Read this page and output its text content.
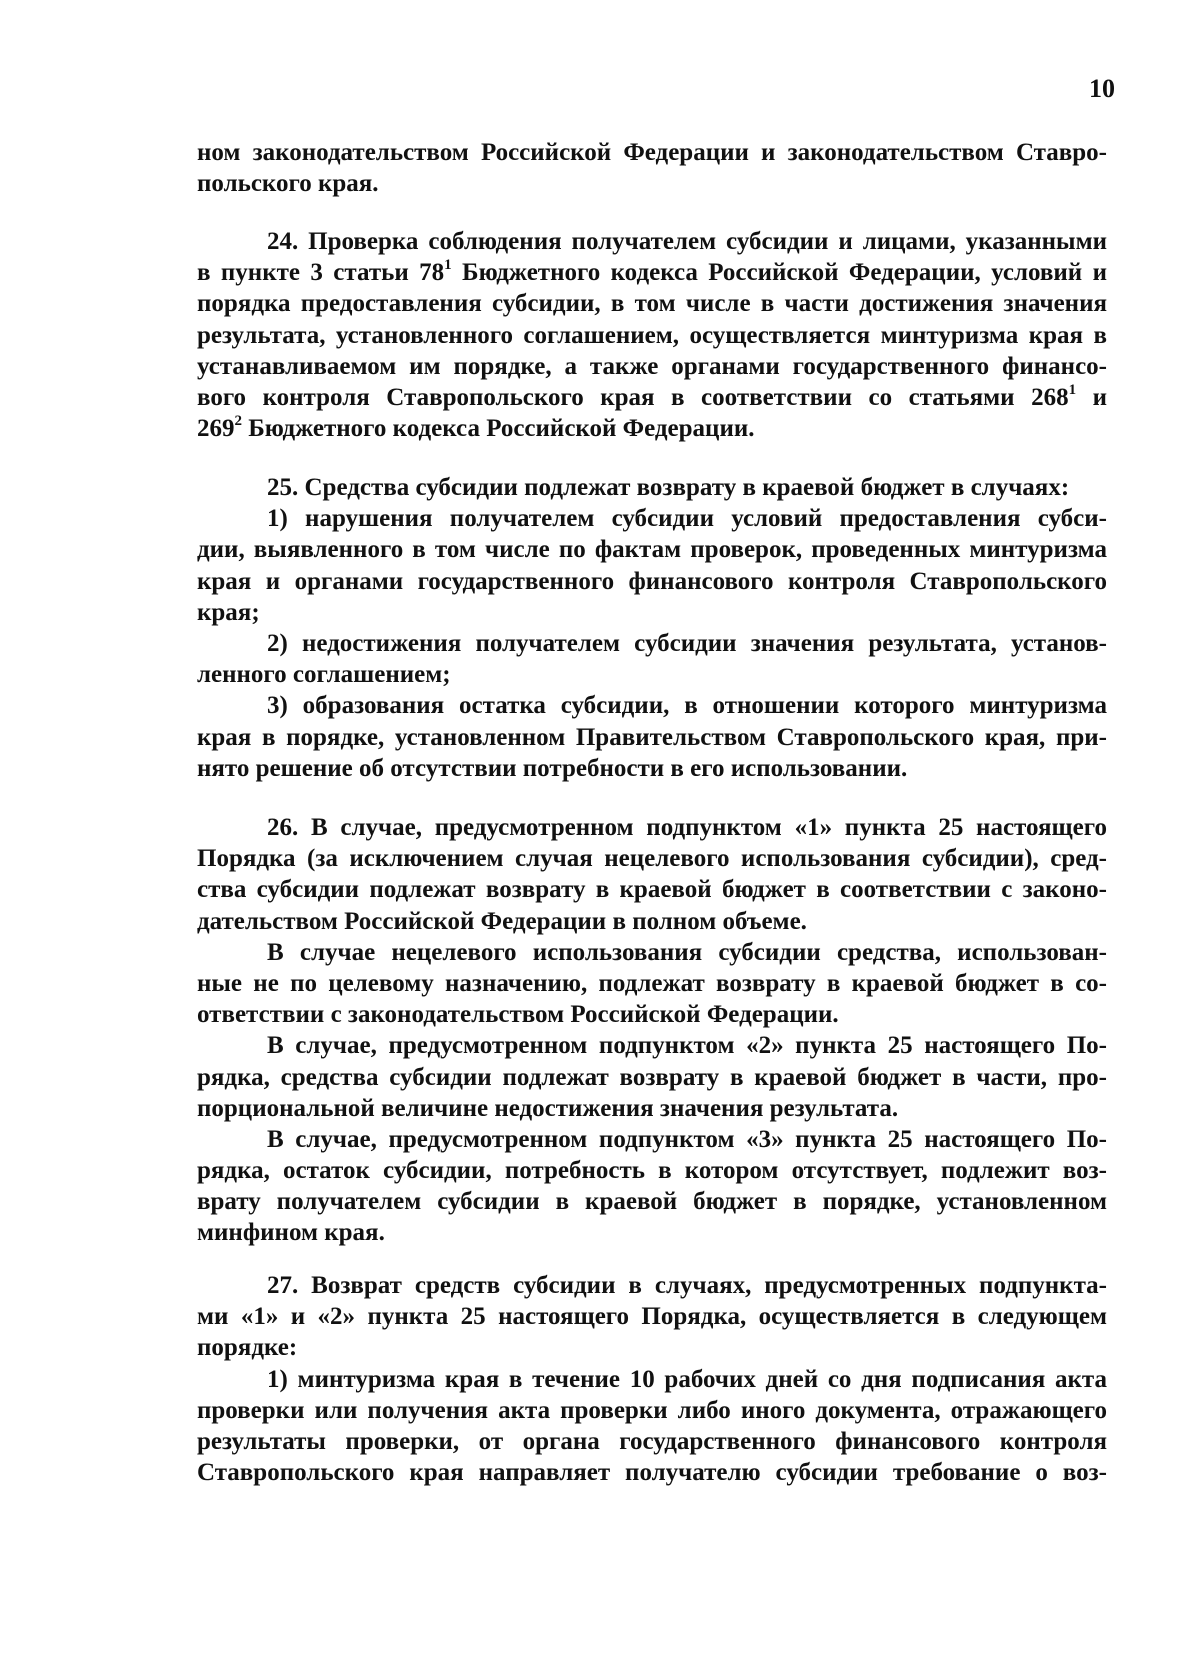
10
ном законодательством Российской Федерации и законодательством Ставро-
польского края.
24. Проверка соблюдения получателем субсидии и лицами, указанными
в пункте 3 статьи $78^1$ Бюджетного кодекса Российской Федерации, условий и
порядка предоставления субсидии, в том числе в части достижения значения
результата, установленного соглашением, осуществляется минтуризма края в
устанавливаемом им порядке, а также органами государственного финансо-
вого контроля Ставропольского края в соответствии со статьями $268^1$ и
$269^2$ Бюджетного кодекса Российской Федерации.
25. Средства субсидии подлежат возврату в краевой бюджет в случаях:
1) нарушения получателем субсидии условий предоставления субси-
дии, выявленного в том числе по фактам проверок, проведенных минтуризма
края и органами государственного финансового контроля Ставропольского
края;
2) недостижения получателем субсидии значения результата, установ-
ленного соглашением;
3) образования остатка субсидии, в отношении которого минтуризма
края в порядке, установленном Правительством Ставропольского края, при-
нято решение об отсутствии потребности в его использовании.
26. В случае, предусмотренном подпунктом «1» пункта 25 настоящего
Порядка (за исключением случая нецелевого использования субсидии), сред-
ства субсидии подлежат возврату в краевой бюджет в соответствии с законо-
дательством Российской Федерации в полном объеме.
В случае нецелевого использования субсидии средства, использован-
ные не по целевому назначению, подлежат возврату в краевой бюджет в со-
ответствии с законодательством Российской Федерации.
В случае, предусмотренном подпунктом «2» пункта 25 настоящего По-
рядка, средства субсидии подлежат возврату в краевой бюджет в части, про-
порциональной величине недостижения значения результата.
В случае, предусмотренном подпунктом «3» пункта 25 настоящего По-
рядка, остаток субсидии, потребность в котором отсутствует, подлежит воз-
врату получателем субсидии в краевой бюджет в порядке, установленном
минфином края.
27. Возврат средств субсидии в случаях, предусмотренных подпункта-
ми «1» и «2» пункта 25 настоящего Порядка, осуществляется в следующем
порядке:
1) минтуризма края в течение 10 рабочих дней со дня подписания акта
проверки или получения акта проверки либо иного документа, отражающего
результаты проверки, от органа государственного финансового контроля
Ставропольского края направляет получателю субсидии требование о воз-
